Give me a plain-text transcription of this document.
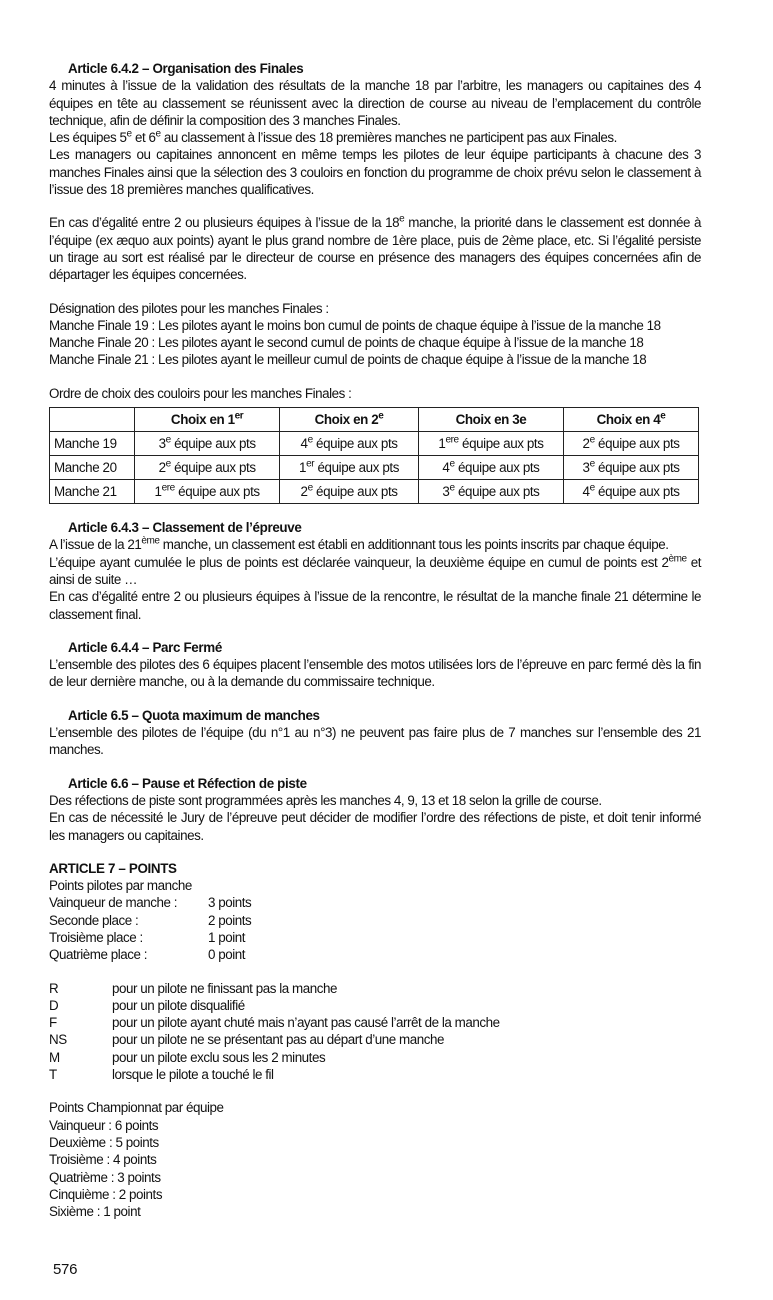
Article 6.4.2 – Organisation des Finales

4 minutes à l’issue de la validation des résultats de la manche 18 par l’arbitre, les managers ou capitaines des 4 équipes en tête au classement se réunissent avec la direction de course au niveau de l’emplacement du contrôle technique, afin de définir la composition des 3 manches Finales.

Les équipes 5e et 6e au classement à l’issue des 18 premières manches ne participent pas aux Finales.

Les managers ou capitaines annoncent en même temps les pilotes de leur équipe participants à chacune des 3 manches Finales ainsi que la sélection des 3 couloirs en fonction du programme de choix prévu selon le classement à l’issue des 18 premières manches qualificatives.

En cas d’égalité entre 2 ou plusieurs équipes à l’issue de la 18e manche, la priorité dans le classement est donnée à l’équipe (ex æquo aux points) ayant le plus grand nombre de 1ère place, puis de 2ème place, etc. Si l’égalité persiste un tirage au sort est réalisé par le directeur de course en présence des managers des équipes concernées afin de départager les équipes concernées.

Désignation des pilotes pour les manches Finales :

Manche Finale 19 : Les pilotes ayant le moins bon cumul de points de chaque équipe à l’issue de la manche 18

Manche Finale 20 : Les pilotes ayant le second cumul de points de chaque équipe à l’issue de la manche 18

Manche Finale 21 : Les pilotes ayant le meilleur cumul de points de chaque équipe à l’issue de la manche 18

Ordre de choix des couloirs pour les manches Finales :

	Choix en 1er	Choix en 2e	Choix en 3e	Choix en 4e
Manche 19	3e équipe aux pts	4e équipe aux pts	1ere équipe aux pts	2e équipe aux pts
Manche 20	2e équipe aux pts	1er équipe aux pts	4e équipe aux pts	3e équipe aux pts
Manche 21	1ere équipe aux pts	2e équipe aux pts	3e équipe aux pts	4e équipe aux pts

Article 6.4.3 – Classement de l’épreuve

A l’issue de la 21ème manche, un classement est établi en additionnant tous les points inscrits par chaque équipe.

L’équipe ayant cumulée le plus de points est déclarée vainqueur, la deuxième équipe en cumul de points est 2ème et ainsi de suite …

En cas d’égalité entre 2 ou plusieurs équipes à l’issue de la rencontre, le résultat de la manche finale 21 détermine le classement final.

Article 6.4.4 – Parc Fermé

L’ensemble des pilotes des 6 équipes placent l’ensemble des motos utilisées lors de l’épreuve en parc fermé dès la fin de leur dernière manche, ou à la demande du commissaire technique.

Article 6.5 – Quota maximum de manches

L’ensemble des pilotes de l’équipe (du n°1 au n°3) ne peuvent pas faire plus de 7 manches sur l’ensemble des 21 manches.

Article 6.6 – Pause et Réfection de piste

Des réfections de piste sont programmées après les manches 4, 9, 13 et 18 selon la grille de course.

En cas de nécessité le Jury de l’épreuve peut décider de modifier l’ordre des réfections de piste, et doit tenir informé les managers ou capitaines.

ARTICLE 7 – POINTS

Points pilotes par manche

Vainqueur de manche :	3 points
Seconde place :	2 points
Troisième place :	1 point
Quatrième place :	0 point
R	pour un pilote ne finissant pas la manche
D	pour un pilote disqualifié
F	pour un pilote ayant chuté mais n’ayant pas causé l’arrêt de la manche
NS	pour un pilote ne se présentant pas au départ d’une manche
M	pour un pilote exclu sous les 2 minutes
T	lorsque le pilote a touché le fil

Points Championnat par équipe

Vainqueur : 6 points

Deuxième : 5 points

Troisième : 4 points

Quatrième : 3 points

Cinquième : 2 points

Sixième : 1 point

576
